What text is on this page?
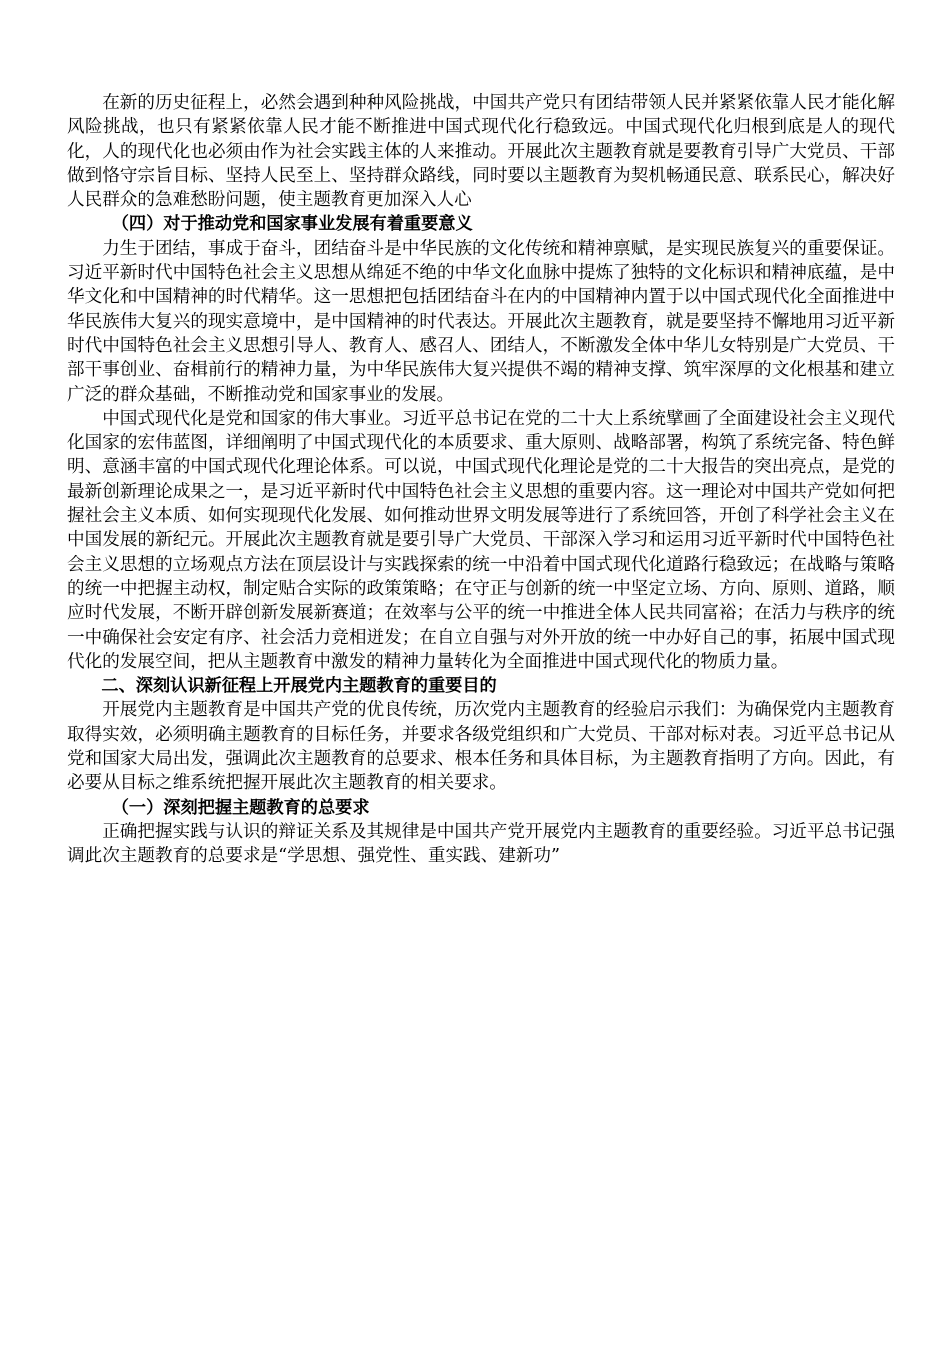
在新的历史征程上，必然会遇到种种风险挑战，中国共产党只有团结带领人民并紧紧依靠人民才能化解风险挑战，也只有紧紧依靠人民才能不断推进中国式现代化行稳致远。中国式现代化归根到底是人的现代化，人的现代化也必须由作为社会实践主体的人来推动。开展此次主题教育就是要教育引导广大党员、干部做到恪守宗旨目标、坚持人民至上、坚持群众路线，同时要以主题教育为契机畅通民意、联系民心，解决好人民群众的急难愁盼问题，使主题教育更加深入人心

（四）对于推动党和国家事业发展有着重要意义

力生于团结，事成于奋斗，团结奋斗是中华民族的文化传统和精神禀赋，是实现民族复兴的重要保证。习近平新时代中国特色社会主义思想从绵延不绝的中华文化血脉中提炼了独特的文化标识和精神底蕴，是中华文化和中国精神的时代精华。这一思想把包括团结奋斗在内的中国精神内置于以中国式现代化全面推进中华民族伟大复兴的现实意境中，是中国精神的时代表达。开展此次主题教育，就是要坚持不懈地用习近平新时代中国特色社会主义思想引导人、教育人、感召人、团结人，不断激发全体中华儿女特别是广大党员、干部干事创业、奋楫前行的精神力量，为中华民族伟大复兴提供不竭的精神支撑、筑牢深厚的文化根基和建立广泛的群众基础，不断推动党和国家事业的发展。

中国式现代化是党和国家的伟大事业。习近平总书记在党的二十大上系统擘画了全面建设社会主义现代化国家的宏伟蓝图，详细阐明了中国式现代化的本质要求、重大原则、战略部署，构筑了系统完备、特色鲜明、意涵丰富的中国式现代化理论体系。可以说，中国式现代化理论是党的二十大报告的突出亮点，是党的最新创新理论成果之一，是习近平新时代中国特色社会主义思想的重要内容。这一理论对中国共产党如何把握社会主义本质、如何实现现代化发展、如何推动世界文明发展等进行了系统回答，开创了科学社会主义在中国发展的新纪元。开展此次主题教育就是要引导广大党员、干部深入学习和运用习近平新时代中国特色社会主义思想的立场观点方法在顶层设计与实践探索的统一中沿着中国式现代化道路行稳致远；在战略与策略的统一中把握主动权，制定贴合实际的政策策略；在守正与创新的统一中坚定立场、方向、原则、道路，顺应时代发展，不断开辟创新发展新赛道；在效率与公平的统一中推进全体人民共同富裕；在活力与秩序的统一中确保社会安定有序、社会活力竞相迸发；在自立自强与对外开放的统一中办好自己的事，拓展中国式现代化的发展空间，把从主题教育中激发的精神力量转化为全面推进中国式现代化的物质力量。

二、深刻认识新征程上开展党内主题教育的重要目的

开展党内主题教育是中国共产党的优良传统，历次党内主题教育的经验启示我们：为确保党内主题教育取得实效，必须明确主题教育的目标任务，并要求各级党组织和广大党员、干部对标对表。习近平总书记从党和国家大局出发，强调此次主题教育的总要求、根本任务和具体目标，为主题教育指明了方向。因此，有必要从目标之维系统把握开展此次主题教育的相关要求。

（一）深刻把握主题教育的总要求

正确把握实践与认识的辩证关系及其规律是中国共产党开展党内主题教育的重要经验。习近平总书记强调此次主题教育的总要求是“学思想、强党性、重实践、建新功”
